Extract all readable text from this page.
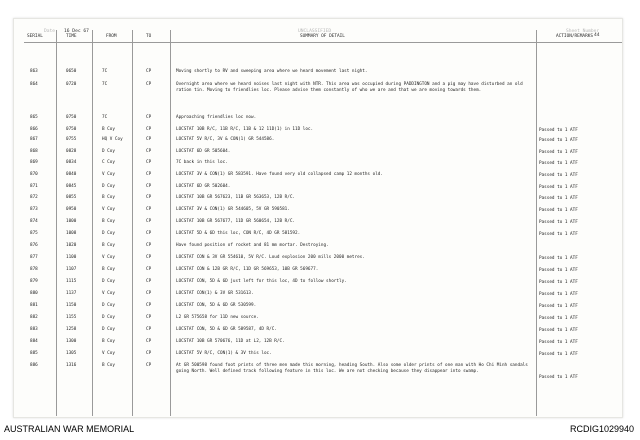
Date 16 Dec 67	UNCLASSIFIED	Sheet Number
44
SERIAL	TIME	FROM	TO	SUMMARY OF DETAIL	ACTION/REMARKS
863	0650	7C	CP	Moving shortly to RV and sweeping area where we heard movement last night.
864	0720	7C	CP	Overnight area where we heard noises last night with NTR. This area was occupied during PADDINGTON and a pig may have disturbed an old ration tin. Moving to friendlies loc. Please advise them constantly of who we are and that we are moving towards them.
865	0750	7C	CP	Approaching friendlies loc now.
866	0750	B Coy	CP	LOCSTAT 10B R/C, 11B R/C, 11B & 12 11D(1) in 11D loc.	Passed to 1 ATF
867	0755	HQ V Coy	CP	LOCSTAT 5V R/C, 3V & CON(1) GR 544586.	Passed to 1 ATF
868	0828	D Coy	CP	LOCSTAT 6D GR 505604.	Passed to 1 ATF
869	0834	C Coy	CP	7C back in this loc.	Passed to 1 ATF
870	0840	V Coy	CP	LOCSTAT 3V & CON(1) GR 583591. Have found very old collapsed camp 12 months old.	Passed to 1 ATF
871	0845	D Coy	CP	LOCSTAT 6D GR 502604.	Passed to 1 ATF
872	0855	B Coy	CP	LOCSTAT 10B GR 567623, 11B GR 563653, 12B R/C.	Passed to 1 ATF
873	0950	V Coy	CP	LOCSTAT 3V & CON(1) GR 544605, 5V GR 590581.	Passed to 1 ATF
874	1000	B Coy	CP	LOCSTAT 10B GR 567677, 11D GR 560654, 12B R/C.	Passed to 1 ATF
875	1008	D Coy	CP	LOCSTAT 5D & 6D this loc, CON R/C, 4D GR 581592.	Passed to 1 ATF
876	1020	B Coy	CP	Have found position of rocket and 81 mm mortar. Destroying.
877	1100	V Coy	CP	LOCSTAT CON & 3V GR 554610, 5V R/C. Loud explosion 200 mills 2000 metres.	Passed to 1 ATF
878	1107	B Coy	CP	LOCSTAT CON & 12B GR R/C, 11D GR 569653, 10B GR 569677.	Passed to 1 ATF
879	1115	D Coy	CP	LOCSTAT CON, 5D & 6D just left for this loc, 4D to follow shortly.	Passed to 1 ATF
880	1137	V Coy	CP	LOCSTAT CON(1) & 3V GR 531613.	Passed to 1 ATF
881	1150	D Coy	CP	LOCSTAT CON, 5D & 6D GR 530599.	Passed to 1 ATF
882	1155	D Coy	CP	L2 GR 575658 for 11D new source.	Passed to 1 ATF
883	1258	D Coy	CP	LOCSTAT CON, 5D & 6D GR 589587, 4D R/C.	Passed to 1 ATF
884	1300	B Coy	CP	LOCSTAT 10B GR 570676, 11D at L2, 12B R/C.	Passed to 1 ATF
885	1305	V Coy	CP	LOCSTAT 5V R/C, CON(1) & 3V this loc.	Passed to 1 ATF
886	1316	B Coy	CP	At GR 500598 found foot prints of three men made this morning, heading South. Also some older prints of one man with Ho Chi Minh sandals going North. Well defined track following feature in this loc. We are not checking because they disappear into swamp.
Passed to 1 ATF
AUSTRALIAN WAR MEMORIAL	RCDIG1029940
